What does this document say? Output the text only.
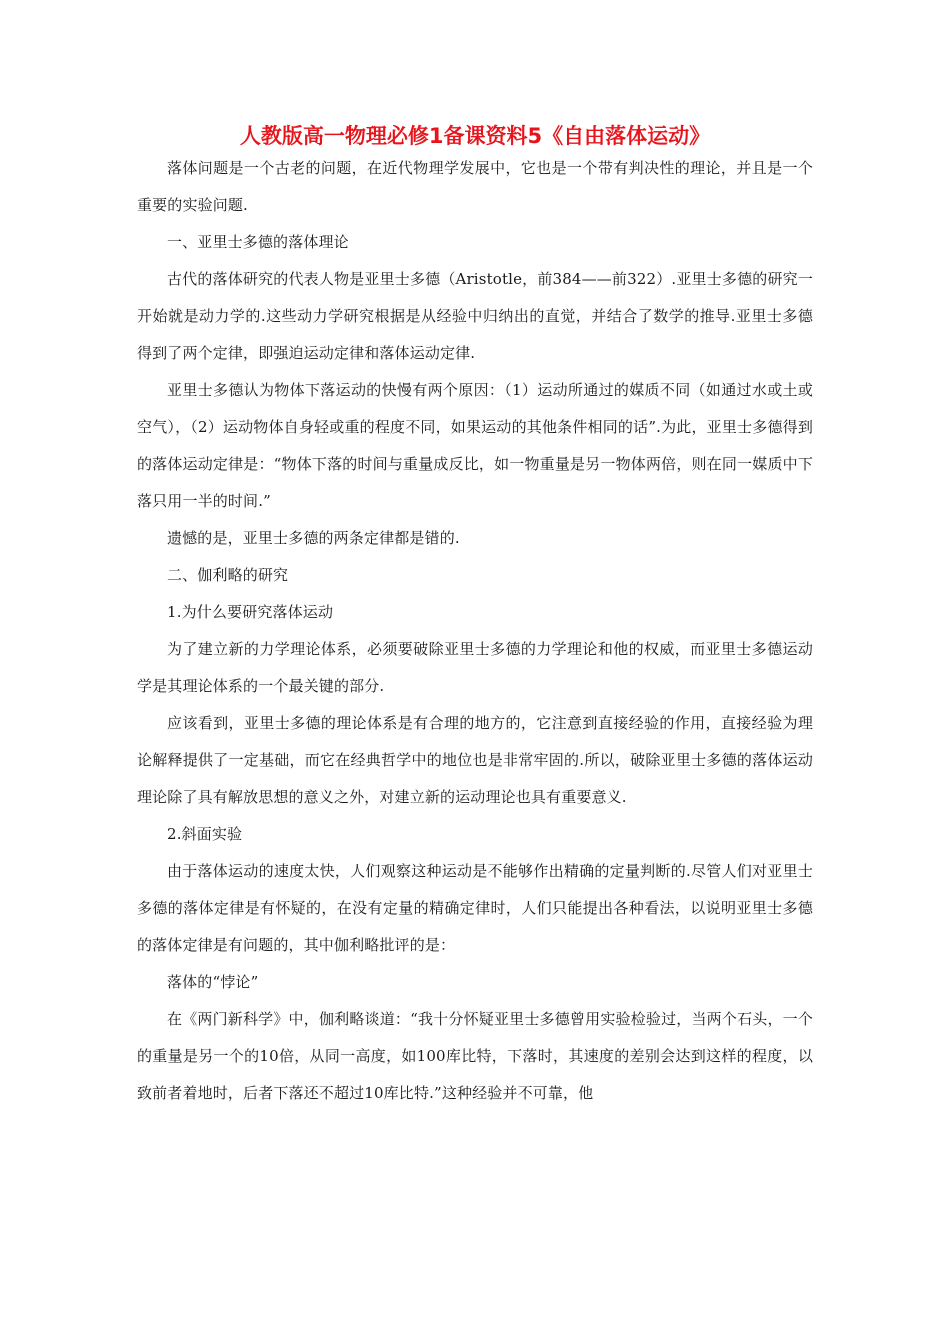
人教版高一物理必修1备课资料5《自由落体运动》

落体问题是一个古老的问题，在近代物理学发展中，它也是一个带有判决性的理论，并且是一个重要的实验问题.

一、亚里士多德的落体理论

古代的落体研究的代表人物是亚里士多德（Aristotle，前384——前322）.亚里士多德的研究一开始就是动力学的.这些动力学研究根据是从经验中归纳出的直觉，并结合了数学的推导.亚里士多德得到了两个定律，即强迫运动定律和落体运动定律.

亚里士多德认为物体下落运动的快慢有两个原因：（1）运动所通过的媒质不同（如通过水或土或空气），（2）运动物体自身轻或重的程度不同，如果运动的其他条件相同的话”.为此，亚里士多德得到的落体运动定律是：“物体下落的时间与重量成反比，如一物重量是另一物体两倍，则在同一媒质中下落只用一半的时间.”

遗憾的是，亚里士多德的两条定律都是错的.

二、伽利略的研究

1.为什么要研究落体运动

为了建立新的力学理论体系，必须要破除亚里士多德的力学理论和他的权威，而亚里士多德运动学是其理论体系的一个最关键的部分.

应该看到，亚里士多德的理论体系是有合理的地方的，它注意到直接经验的作用，直接经验为理论解释提供了一定基础，而它在经典哲学中的地位也是非常牢固的.所以，破除亚里士多德的落体运动理论除了具有解放思想的意义之外，对建立新的运动理论也具有重要意义.

2.斜面实验

由于落体运动的速度太快，人们观察这种运动是不能够作出精确的定量判断的.尽管人们对亚里士多德的落体定律是有怀疑的，在没有定量的精确定律时，人们只能提出各种看法，以说明亚里士多德的落体定律是有问题的，其中伽利略批评的是：

落体的“悖论”

在《两门新科学》中，伽利略谈道：“我十分怀疑亚里士多德曾用实验检验过，当两个石头，一个的重量是另一个的10倍，从同一高度，如100库比特，下落时，其速度的差别会达到这样的程度，以致前者着地时，后者下落还不超过10库比特.”这种经验并不可靠，他
